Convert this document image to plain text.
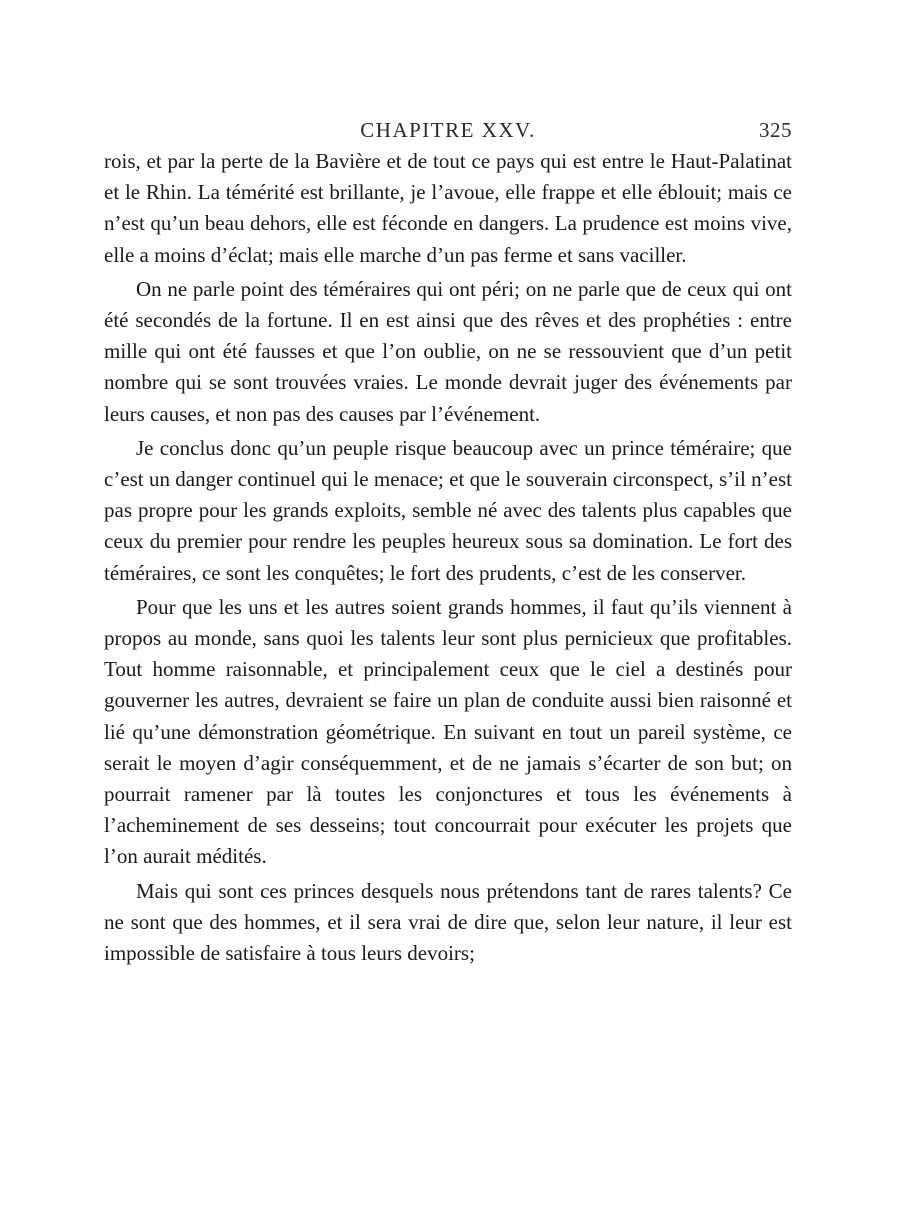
CHAPITRE XXV.	325

rois, et par la perte de la Bavière et de tout ce pays qui est entre le Haut-Palatinat et le Rhin. La témérité est brillante, je l’avoue, elle frappe et elle éblouit; mais ce n’est qu’un beau dehors, elle est féconde en dangers. La prudence est moins vive, elle a moins d’éclat; mais elle marche d’un pas ferme et sans vaciller.

On ne parle point des téméraires qui ont péri; on ne parle que de ceux qui ont été secondés de la fortune. Il en est ainsi que des rêves et des prophéties : entre mille qui ont été fausses et que l’on oublie, on ne se ressouvient que d’un petit nombre qui se sont trouvées vraies. Le monde devrait juger des événements par leurs causes, et non pas des causes par l’événement.

Je conclus donc qu’un peuple risque beaucoup avec un prince téméraire; que c’est un danger continuel qui le menace; et que le souverain circonspect, s’il n’est pas propre pour les grands exploits, semble né avec des talents plus capables que ceux du premier pour rendre les peuples heureux sous sa domination. Le fort des téméraires, ce sont les conquêtes; le fort des prudents, c’est de les conserver.

Pour que les uns et les autres soient grands hommes, il faut qu’ils viennent à propos au monde, sans quoi les talents leur sont plus pernicieux que profitables. Tout homme raisonnable, et principalement ceux que le ciel a destinés pour gouverner les autres, devraient se faire un plan de conduite aussi bien raisonné et lié qu’une démonstration géométrique. En suivant en tout un pareil système, ce serait le moyen d’agir conséquemment, et de ne jamais s’écarter de son but; on pourrait ramener par là toutes les conjonctures et tous les événements à l’acheminement de ses desseins; tout concourrait pour exécuter les projets que l’on aurait médités.

Mais qui sont ces princes desquels nous prétendons tant de rares talents? Ce ne sont que des hommes, et il sera vrai de dire que, selon leur nature, il leur est impossible de satisfaire à tous leurs devoirs;
